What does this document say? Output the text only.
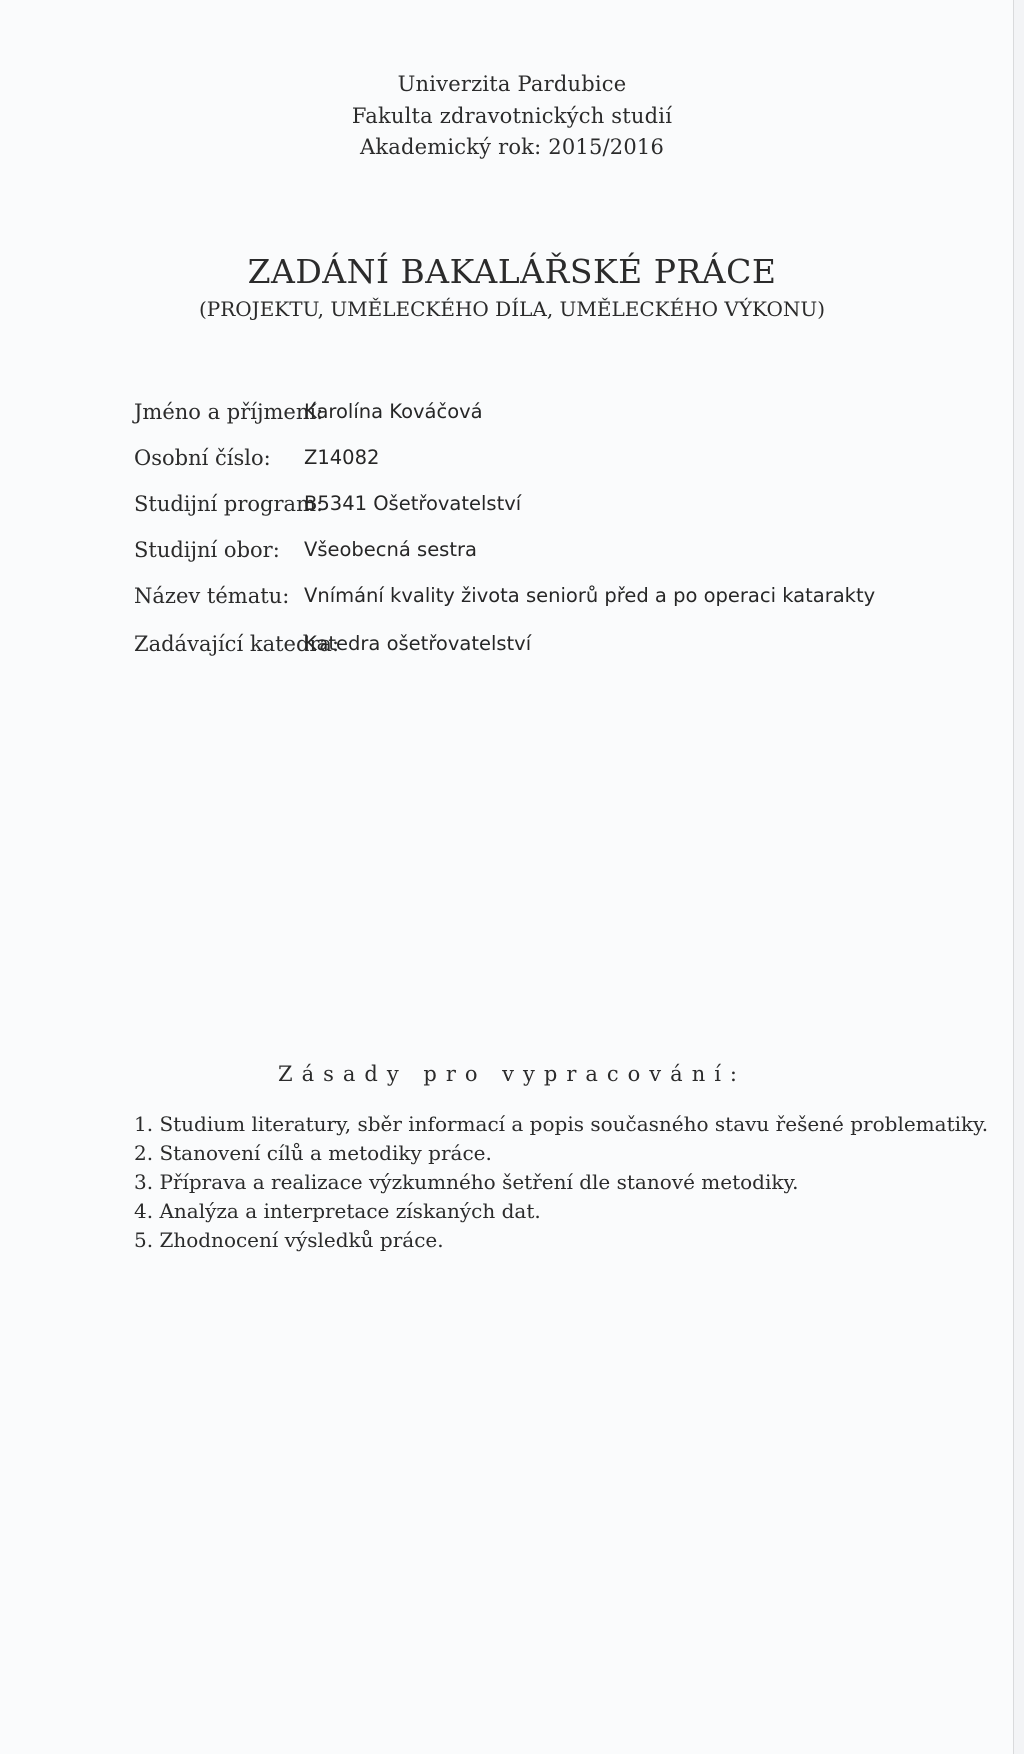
Univerzita Pardubice
Fakulta zdravotnických studií
Akademický rok: 2015/2016
ZADÁNÍ BAKALÁŘSKÉ PRÁCE
(PROJEKTU, UMĚLECKÉHO DÍLA, UMĚLECKÉHO VÝKONU)
Jméno a příjmení:
Karolína Kováčová
Osobní číslo: Z14082
Studijní program:
B5341 Ošetřovatelství
Studijní obor: Všeobecná sestra
Název tématu: Vnímání kvality života seniorů před a po operaci katarakty
Zadávající katedra:
Katedra ošetřovatelství
Zásady pro vypracování:
1. Studium literatury, sběr informací a popis současného stavu řešené problematiky.
2. Stanovení cílů a metodiky práce.
3. Příprava a realizace výzkumného šetření dle stanové metodiky.
4. Analýza a interpretace získaných dat.
5. Zhodnocení výsledků práce.
